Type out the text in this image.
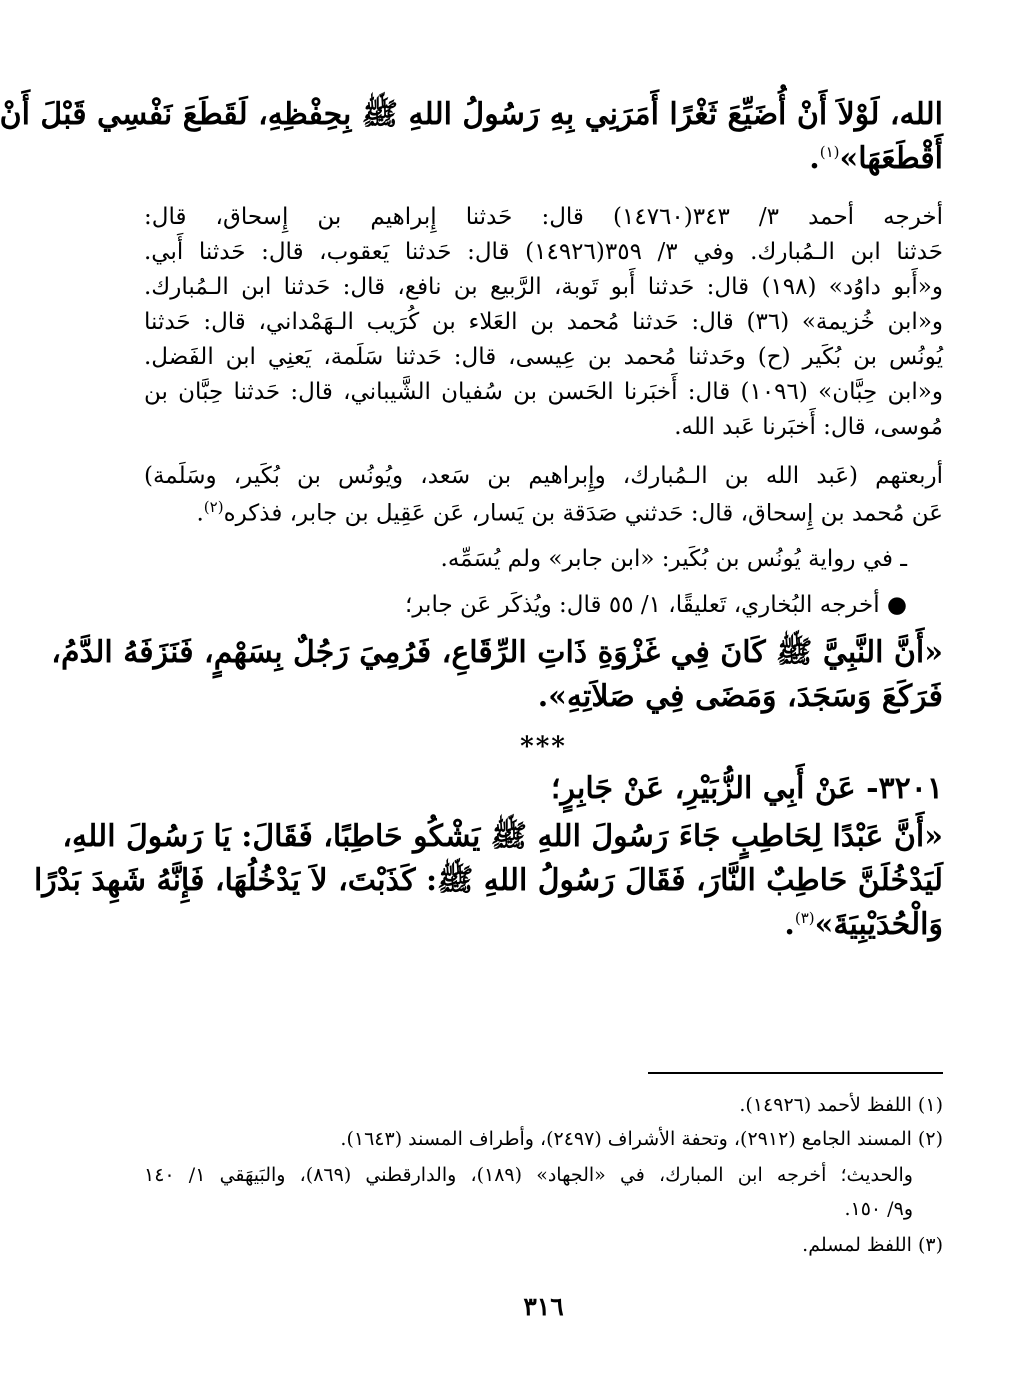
الله، لَوْلاَ أَنْ أُضَيِّعَ ثَغْرًا أَمَرَنِي بِهِ رَسُولُ اللهِ ﷺ بِحِفْظِهِ، لَقَطَعَ نَفْسِي قَبْلَ أَنْ
أَقْطَعَهَا»$^{(١)}$.
أخرجه أحمد ٣/ ٣٤٣(١٤٧٦٠) قال: حَدثنا إِبراهيم بن إِسحاق، قال:
حَدثنا ابن الـمُبارك. وفي ٣/ ٣٥٩(١٤٩٢٦) قال: حَدثنا يَعقوب، قال: حَدثنا أَبي.
و«أَبو داوُد» (١٩٨) قال: حَدثنا أَبو تَوبة، الرَّبيع بن نافع، قال: حَدثنا ابن الـمُبارك.
و«ابن خُزيمة» (٣٦) قال: حَدثنا مُحمد بن العَلاء بن كُرَيب الـهَمْداني، قال: حَدثنا
يُونُس بن بُكَير (ح) وحَدثنا مُحمد بن عِيسى، قال: حَدثنا سَلَمة، يَعنِي ابن الفَضل.
و«ابن حِبَّان» (١٠٩٦) قال: أَخبَرنا الحَسن بن سُفيان الشَّيباني، قال: حَدثنا حِبَّان بن
مُوسى، قال: أَخبَرنا عَبد الله.
أربعتهم (عَبد الله بن الـمُبارك، وإِبراهيم بن سَعد، ويُونُس بن بُكَير، وسَلَمة)
عَن مُحمد بن إِسحاق، قال: حَدثني صَدَقة بن يَسار، عَن عَقِيل بن جابر، فذكره$^{(٢)}$.
ـ في رواية يُونُس بن بُكَير: «ابن جابر» ولم يُسَمِّه.
● أخرجه البُخاري، تَعليقًا، ١/ ٥٥ قال: ويُذكَر عَن جابر؛
«أَنَّ النَّبِيَّ ﷺ كَانَ فِي غَزْوَةِ ذَاتِ الرِّقَاعِ، فَرُمِيَ رَجُلٌ بِسَهْمٍ، فَنَزَفَهُ الدَّمُ،
فَرَكَعَ وَسَجَدَ، وَمَضَى فِي صَلاَتِهِ».
***
٣٢٠١- عَنْ أَبِي الزُّبَيْرِ، عَنْ جَابِرٍ؛
«أَنَّ عَبْدًا لِحَاطِبٍ جَاءَ رَسُولَ اللهِ ﷺ يَشْكُو حَاطِبًا، فَقَالَ: يَا رَسُولَ اللهِ،
لَيَدْخُلَنَّ حَاطِبٌ النَّارَ، فَقَالَ رَسُولُ اللهِ ﷺ: كَذَبْتَ، لاَ يَدْخُلُهَا، فَإِنَّهُ شَهِدَ بَدْرًا
وَالْحُدَيْبِيَةَ»$^{(٣)}$.
(١) اللفظ لأحمد (١٤٩٢٦).
(٢) المسند الجامع (٢٩١٢)، وتحفة الأشراف (٢٤٩٧)، وأطراف المسند (١٦٤٣).
والحديث؛ أخرجه ابن المبارك، في «الجهاد» (١٨٩)، والدارقطني (٨٦٩)، والبَيهَقي ١/ ١٤٠
و٩/ ١٥٠.
(٣) اللفظ لمسلم.
٣١٦
